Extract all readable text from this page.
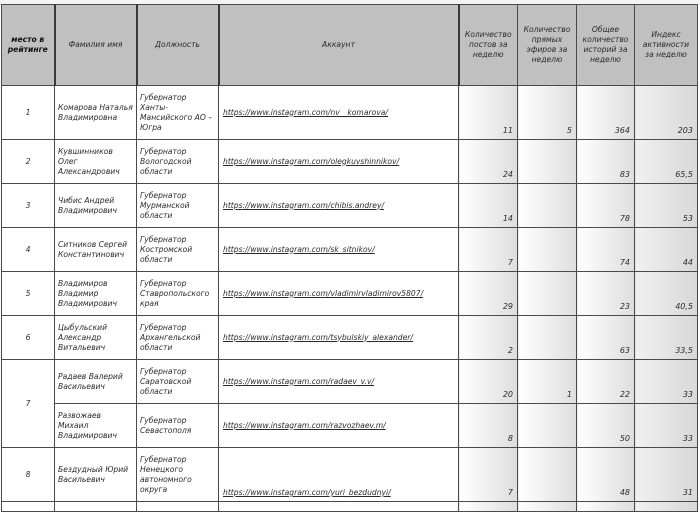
место в рейтинге	Фамилия имя	Должность	Аккаунт	Количество постов за неделю	Количество прямых эфиров за неделю	Общее количество историй за неделю	Индекс активности за неделю
1	Комарова Наталья Владимировна	Губернатор Ханты-Мансийского АО – Югра	https://www.instagram.com/nv__komarova/	11	5	364	203
2	Кувшинников Олег Александрович	Губернатор Вологодской области	https://www.instagram.com/olegkuvshinnikov/	24		83	65,5
3	Чибис Андрей Владимирович	Губернатор Мурманской области	https://www.instagram.com/chibis.andrey/	14		78	53
4	Ситников Сергей Константинович	Губернатор Костромской области	https://www.instagram.com/sk_sitnikov/	7		74	44
5	Владимиров Владимир Владимирович	Губернатор Ставропольского края	https://www.instagram.com/vladimirvladimirov5807/	29		23	40,5
6	Цыбульский Александр Витальевич	Губернатор Архангельской области	https://www.instagram.com/tsybulskiy_alexander/	2		63	33,5
7	Радаев Валерий Васильевич	Губернатор Саратовской области	https://www.instagram.com/radaev_v.v/	20	1	22	33
	Развожаев Михаил Владимирович	Губернатор Севастополя	https://www.instagram.com/razvozhaev.m/	8		50	33
8	Бездудный Юрий Васильевич	Губернатор Ненецкого автономного округа	https://www.instagram.com/yuri_bezdudnyi/	7		48	31
